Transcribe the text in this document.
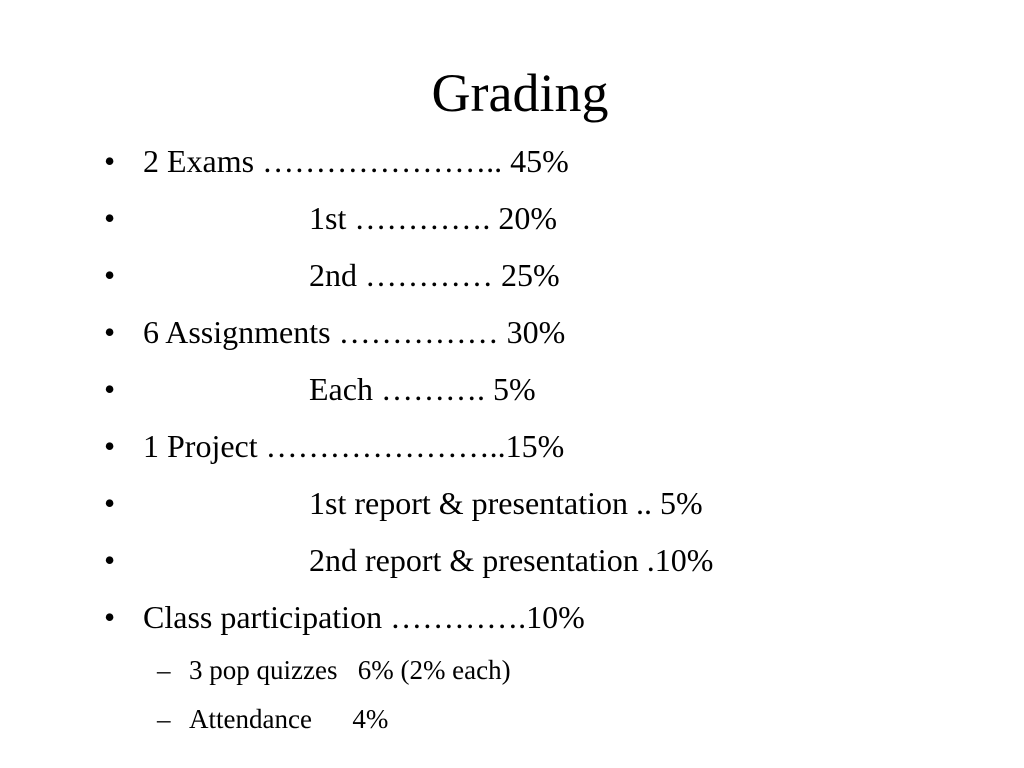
Grading
• 2 Exams ………………….. 45%
•	1st …………. 20%
•	2nd ………… 25%
• 6 Assignments …………… 30%
•	Each ………. 5%
• 1 Project …………………..15%
•	1st report & presentation .. 5%
•	2nd report & presentation .10%
• Class participation ………….10%
– 3 pop quizzes   6% (2% each)
– Attendance      4%
